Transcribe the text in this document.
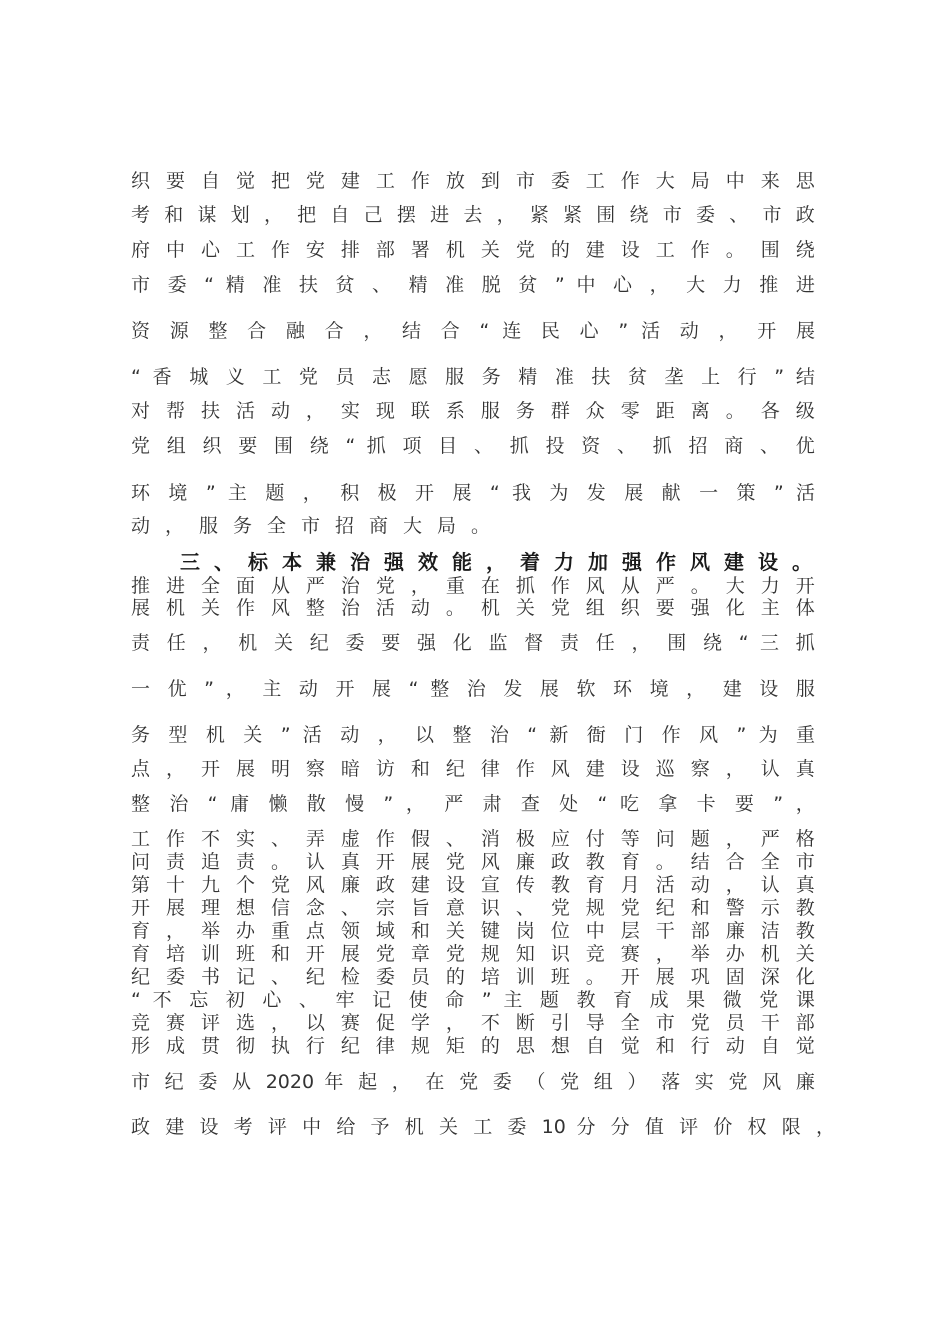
织 要 自 觉 把 党 建 工 作 放 到 市 委 工 作 大 局 中 来 思
考 和 谋 划 ， 把 自 己 摆 进 去 ， 紧 紧 围 绕 市 委 、 市 政
府 中 心 工 作 安 排 部 署 机 关 党 的 建 设 工 作 。 围 绕
市 委 “ 精 准 扶 贫 、 精 准 脱 贫 ” 中 心 ， 大 力 推 进
资 源 整 合 融 合 ， 结 合 “ 连 民 心 ” 活 动 ， 开 展
“ 香 城 义 工 党 员 志 愿 服 务 精 准 扶 贫 垄 上 行 ” 结
对 帮 扶 活 动 ， 实 现 联 系 服 务 群 众 零 距 离 。 各 级
党 组 织 要 围 绕 “ 抓 项 目 、 抓 投 资 、 抓 招 商 、 优
环 境 ” 主 题 ， 积 极 开 展 “ 我 为 发 展 献 一 策 ” 活
动，服务全市招商大局。
三 、 标 本 兼 治 强 效 能 ， 着 力 加 强 作 风 建 设 。
推 进 全 面 从 严 治 党 ， 重 在 抓 作 风 从 严 。 大 力 开
展 机 关 作 风 整 治 活 动 。 机 关 党 组 织 要 强 化 主 体
责 任 ， 机 关 纪 委 要 强 化 监 督 责 任 ， 围 绕 “ 三 抓
一 优 ” ， 主 动 开 展 “ 整 治 发 展 软 环 境 ， 建 设 服
务 型 机 关 ” 活 动 ， 以 整 治 “ 新 衙 门 作 风 ” 为 重
点 ， 开 展 明 察 暗 访 和 纪 律 作 风 建 设 巡 察 ， 认 真
整 治 “ 庸 懒 散 慢 ” ， 严 肃 查 处 “ 吃 拿 卡 要 ” ，
工 作 不 实 、 弄 虚 作 假 、 消 极 应 付 等 问 题 ， 严 格
问 责 追 责 。 认 真 开 展 党 风 廉 政 教 育 。 结 合 全 市
第 十 九 个 党 风 廉 政 建 设 宣 传 教 育 月 活 动 ， 认 真
开 展 理 想 信 念 、 宗 旨 意 识 、 党 规 党 纪 和 警 示 教
育 ， 举 办 重 点 领 域 和 关 键 岗 位 中 层 干 部 廉 洁 教
育 培 训 班 和 开 展 党 章 党 规 知 识 竞 赛 ， 举 办 机 关
纪 委 书 记 、 纪 检 委 员 的 培 训 班 。 开 展 巩 固 深 化
“ 不 忘 初 心 、 牢 记 使 命 ” 主 题 教 育 成 果 微 党 课
竞 赛 评 选 ， 以 赛 促 学 ， 不 断 引 导 全 市 党 员 干 部
形 成 贯 彻 执 行 纪 律 规 矩 的 思 想 自 觉 和 行 动 自 觉
市 纪 委 从 2020 年 起 ， 在 党 委 （ 党 组 ） 落 实 党 风 廉
政 建 设 考 评 中 给 予 机 关 工 委 10 分 分 值 评 价 权 限 ，
